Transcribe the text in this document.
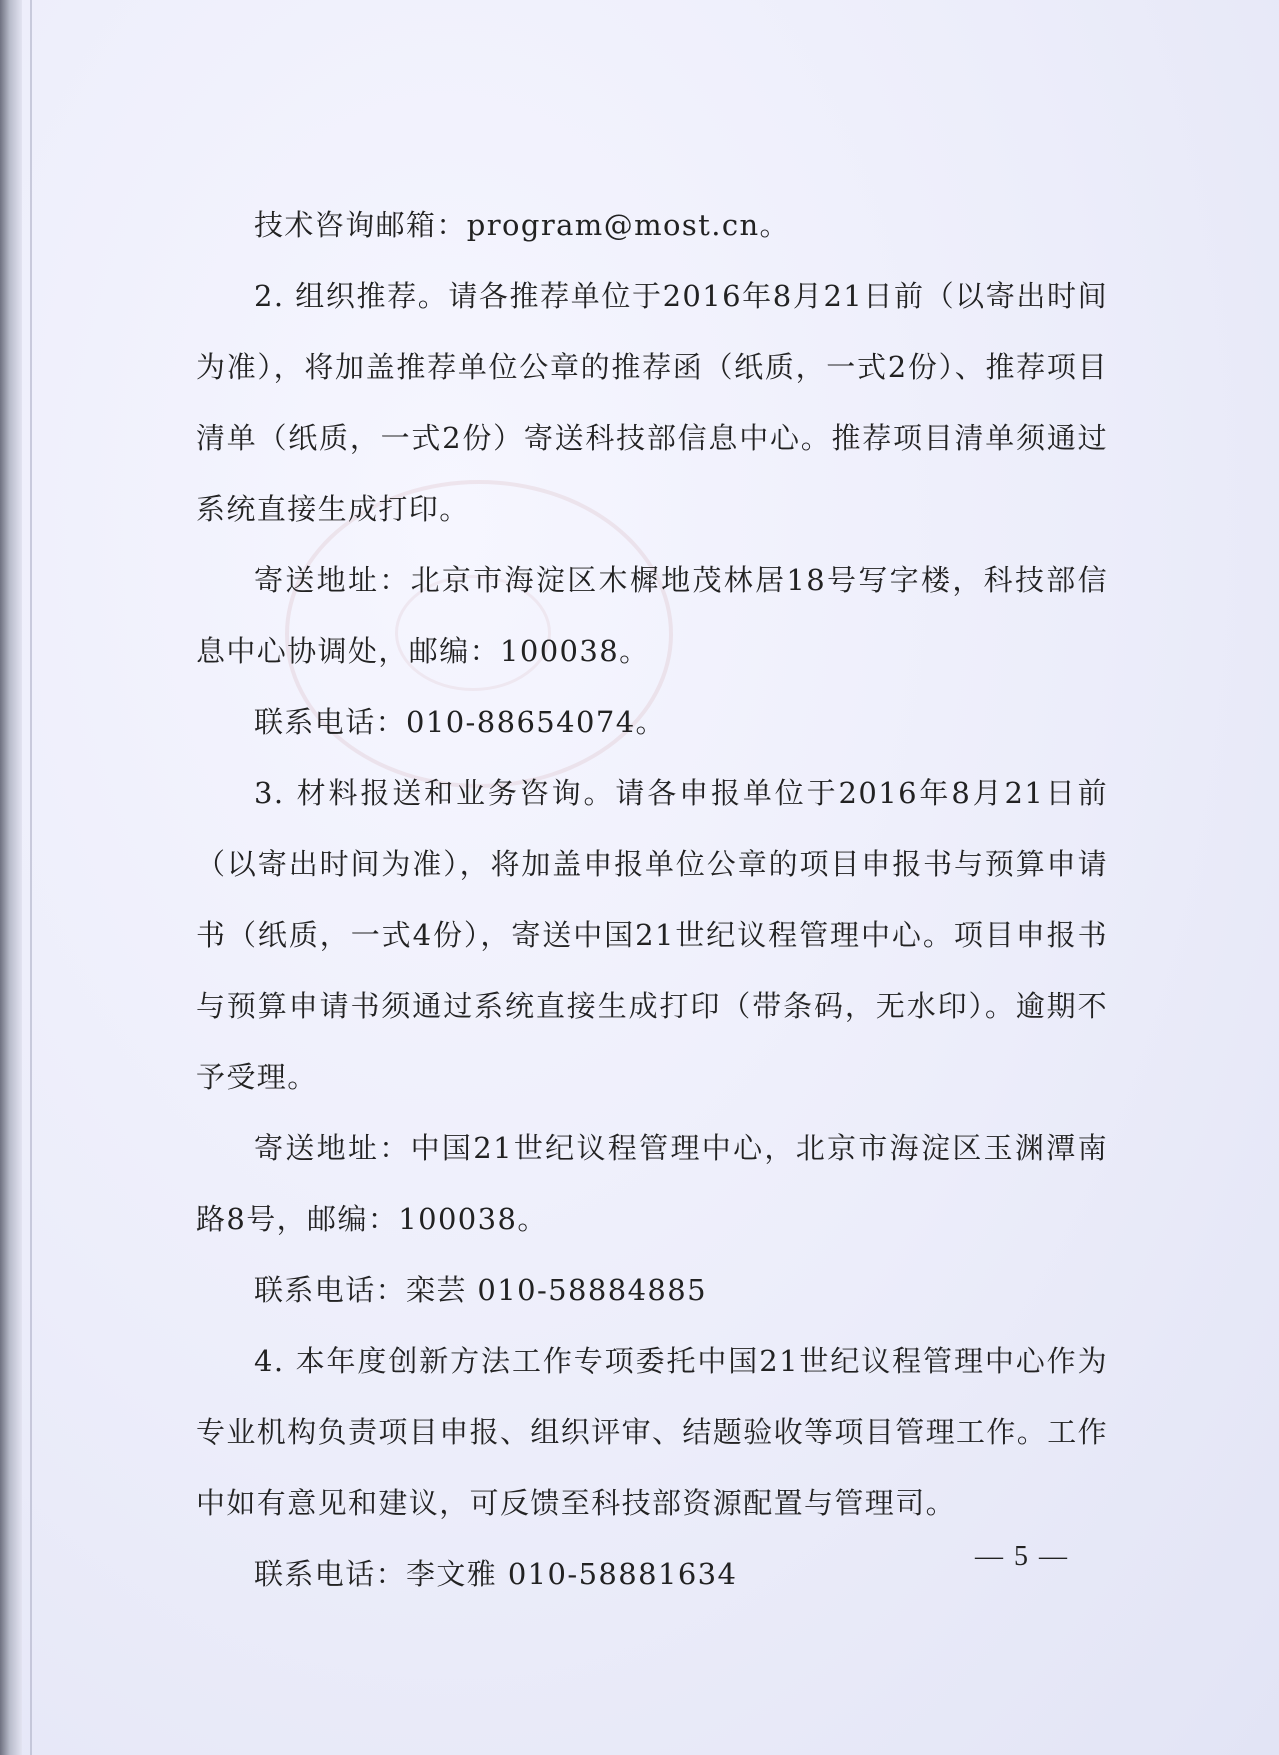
技术咨询邮箱：program@most.cn。

2. 组织推荐。请各推荐单位于2016年8月21日前（以寄出时间为准），将加盖推荐单位公章的推荐函（纸质，一式2份）、推荐项目清单（纸质，一式2份）寄送科技部信息中心。推荐项目清单须通过系统直接生成打印。

寄送地址：北京市海淀区木樨地茂林居18号写字楼，科技部信息中心协调处，邮编：100038。

联系电话：010-88654074。

3. 材料报送和业务咨询。请各申报单位于2016年8月21日前（以寄出时间为准），将加盖申报单位公章的项目申报书与预算申请书（纸质，一式4份），寄送中国21世纪议程管理中心。项目申报书与预算申请书须通过系统直接生成打印（带条码，无水印）。逾期不予受理。

寄送地址：中国21世纪议程管理中心，北京市海淀区玉渊潭南路8号，邮编：100038。

联系电话：栾芸 010-58884885

4. 本年度创新方法工作专项委托中国21世纪议程管理中心作为专业机构负责项目申报、组织评审、结题验收等项目管理工作。工作中如有意见和建议，可反馈至科技部资源配置与管理司。

联系电话：李文雅 010-58881634

— 5 —
